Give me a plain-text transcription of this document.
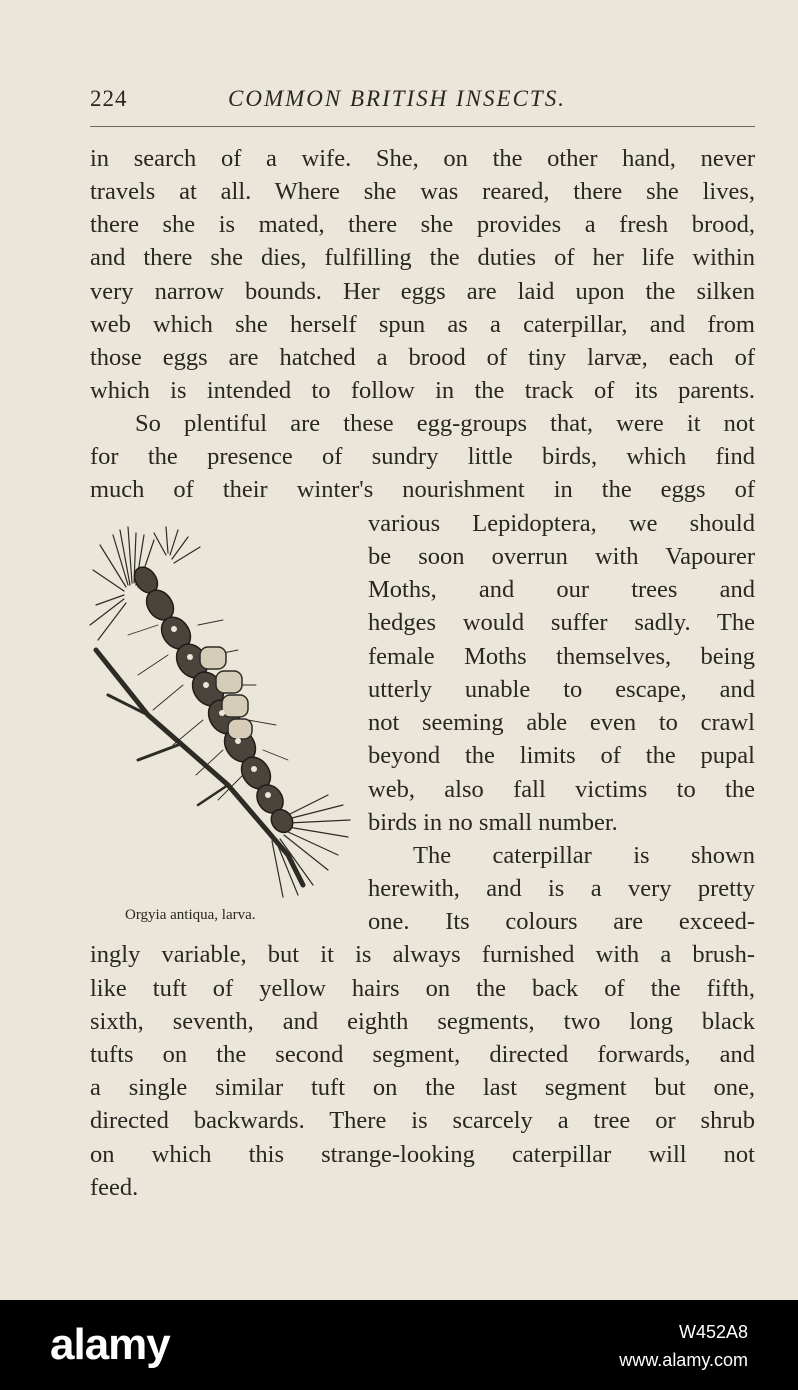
224	COMMON BRITISH INSECTS.
in search of a wife. She, on the other hand, never
travels at all. Where she was reared, there she lives,
there she is mated, there she provides a fresh brood,
and there she dies, fulfilling the duties of her life within
very narrow bounds. Her eggs are laid upon the silken
web which she herself spun as a caterpillar, and from
those eggs are hatched a brood of tiny larvæ, each of
which is intended to follow in the track of its parents.
So plentiful are these egg-groups that, were it not
for the presence of sundry little birds, which find
much of their winter's nourishment in the eggs of
various Lepidoptera, we should
be soon overrun with Vapourer
Moths, and our trees and
hedges would suffer sadly. The
female Moths themselves, being
utterly unable to escape, and
not seeming able even to crawl
beyond the limits of the pupal
web, also fall victims to the
birds in no small number.
The caterpillar is shown
herewith, and is a very pretty
one. Its colours are exceed-
ingly variable, but it is always furnished with a brush-
like tuft of yellow hairs on the back of the fifth,
sixth, seventh, and eighth segments, two long black
tufts on the second segment, directed forwards, and
a single similar tuft on the last segment but one,
directed backwards. There is scarcely a tree or shrub
on which this strange-looking caterpillar will not
feed.
Orgyia antiqua, larva.
alamy	W452A8
www.alamy.com
